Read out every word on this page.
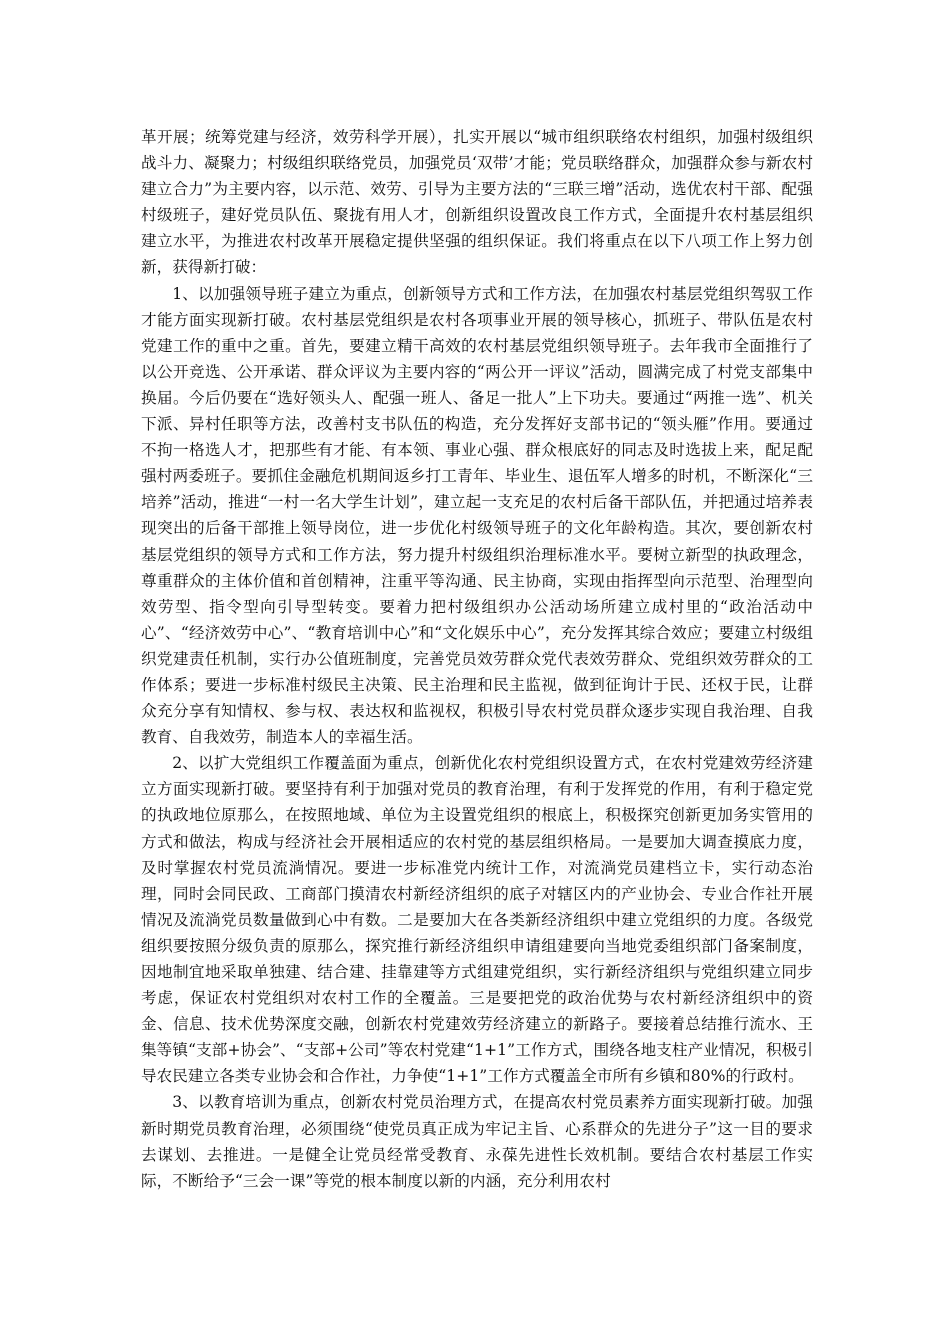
革开展；统筹党建与经济，效劳科学开展），扎实开展以“城市组织联络农村组织，加强村级组织战斗力、凝聚力；村级组织联络党员，加强党员‘双带’才能；党员联络群众，加强群众参与新农村建立合力”为主要内容，以示范、效劳、引导为主要方法的“三联三增”活动，选优农村干部、配强村级班子，建好党员队伍、聚拢有用人才，创新组织设置改良工作方式，全面提升农村基层组织建立水平，为推进农村改革开展稳定提供坚强的组织保证。我们将重点在以下八项工作上努力创新，获得新打破：

1、以加强领导班子建立为重点，创新领导方式和工作方法，在加强农村基层党组织驾驭工作才能方面实现新打破。农村基层党组织是农村各项事业开展的领导核心，抓班子、带队伍是农村党建工作的重中之重。首先，要建立精干高效的农村基层党组织领导班子。去年我市全面推行了以公开竞选、公开承诺、群众评议为主要内容的“两公开一评议”活动，圆满完成了村党支部集中换届。今后仍要在“选好领头人、配强一班人、备足一批人”上下功夫。要通过“两推一选”、机关下派、异村任职等方法，改善村支书队伍的构造，充分发挥好支部书记的“领头雁”作用。要通过不拘一格选人才，把那些有才能、有本领、事业心强、群众根底好的同志及时选拔上来，配足配强村两委班子。要抓住金融危机期间返乡打工青年、毕业生、退伍军人增多的时机，不断深化“三培养”活动，推进“一村一名大学生计划”，建立起一支充足的农村后备干部队伍，并把通过培养表现突出的后备干部推上领导岗位，进一步优化村级领导班子的文化年龄构造。其次，要创新农村基层党组织的领导方式和工作方法，努力提升村级组织治理标准水平。要树立新型的执政理念，尊重群众的主体价值和首创精神，注重平等沟通、民主协商，实现由指挥型向示范型、治理型向效劳型、指令型向引导型转变。要着力把村级组织办公活动场所建立成村里的“政治活动中心”、“经济效劳中心”、“教育培训中心”和“文化娱乐中心”，充分发挥其综合效应；要建立村级组织党建责任机制，实行办公值班制度，完善党员效劳群众党代表效劳群众、党组织效劳群众的工作体系；要进一步标准村级民主决策、民主治理和民主监视，做到征询计于民、还权于民，让群众充分享有知情权、参与权、表达权和监视权，积极引导农村党员群众逐步实现自我治理、自我教育、自我效劳，制造本人的幸福生活。

2、以扩大党组织工作覆盖面为重点，创新优化农村党组织设置方式，在农村党建效劳经济建立方面实现新打破。要坚持有利于加强对党员的教育治理，有利于发挥党的作用，有利于稳定党的执政地位原那么，在按照地域、单位为主设置党组织的根底上，积极探究创新更加务实管用的方式和做法，构成与经济社会开展相适应的农村党的基层组织格局。一是要加大调查摸底力度，及时掌握农村党员流淌情况。要进一步标准党内统计工作，对流淌党员建档立卡，实行动态治理，同时会同民政、工商部门摸清农村新经济组织的底子对辖区内的产业协会、专业合作社开展情况及流淌党员数量做到心中有数。二是要加大在各类新经济组织中建立党组织的力度。各级党组织要按照分级负责的原那么，探究推行新经济组织申请组建要向当地党委组织部门备案制度，因地制宜地采取单独建、结合建、挂靠建等方式组建党组织，实行新经济组织与党组织建立同步考虑，保证农村党组织对农村工作的全覆盖。三是要把党的政治优势与农村新经济组织中的资金、信息、技术优势深度交融，创新农村党建效劳经济建立的新路子。要接着总结推行流水、王集等镇“支部+协会”、“支部+公司”等农村党建“1+1”工作方式，围绕各地支柱产业情况，积极引导农民建立各类专业协会和合作社，力争使“1+1”工作方式覆盖全市所有乡镇和80%的行政村。

3、以教育培训为重点，创新农村党员治理方式，在提高农村党员素养方面实现新打破。加强新时期党员教育治理，必须围绕“使党员真正成为牢记主旨、心系群众的先进分子”这一目的要求去谋划、去推进。一是健全让党员经常受教育、永葆先进性长效机制。要结合农村基层工作实际，不断给予“三会一课”等党的根本制度以新的内涵，充分利用农村
